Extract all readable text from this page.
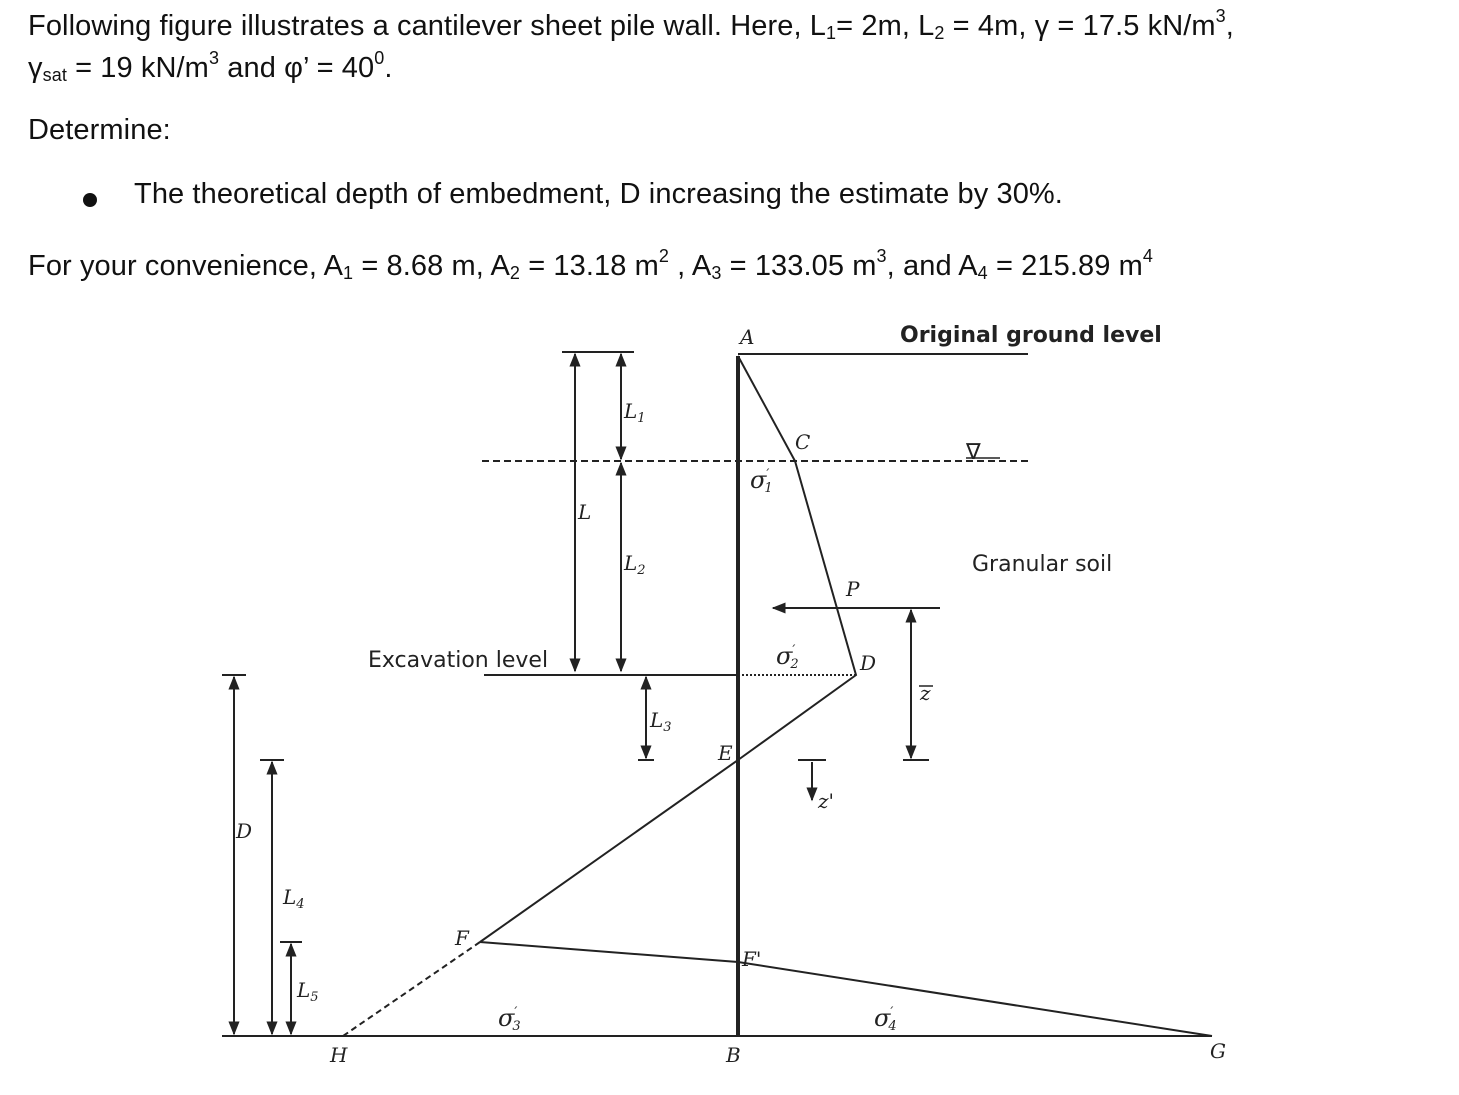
Following figure illustrates a cantilever sheet pile wall. Here, $L_1= 2m$, $L_2 = 4m$, γ = 17.5 $kN/m^3$,
$\gamma_{sat} = 19$ $kN/m^3$ and φ’ = $40^0$.
Determine:
The theoretical depth of embedment, D increasing the estimate by 30%.
For your convenience, $A_1 = 8.68$ m, $A_2 = 13.18$ $m^2$ , $A_3 = 133.05$ $m^3$, and $A_4 = 215.89$ $m^4$
A	Original ground level
C	∇
Granular soil
P
D
Excavation level
E
F
F'
G
H	B
D
L
$L_1$
$L_2$
$L_3$
$L_4$
$L_5$
z
z'
σ′ 1
σ′ 2
σ′ 3	σ′ 4
